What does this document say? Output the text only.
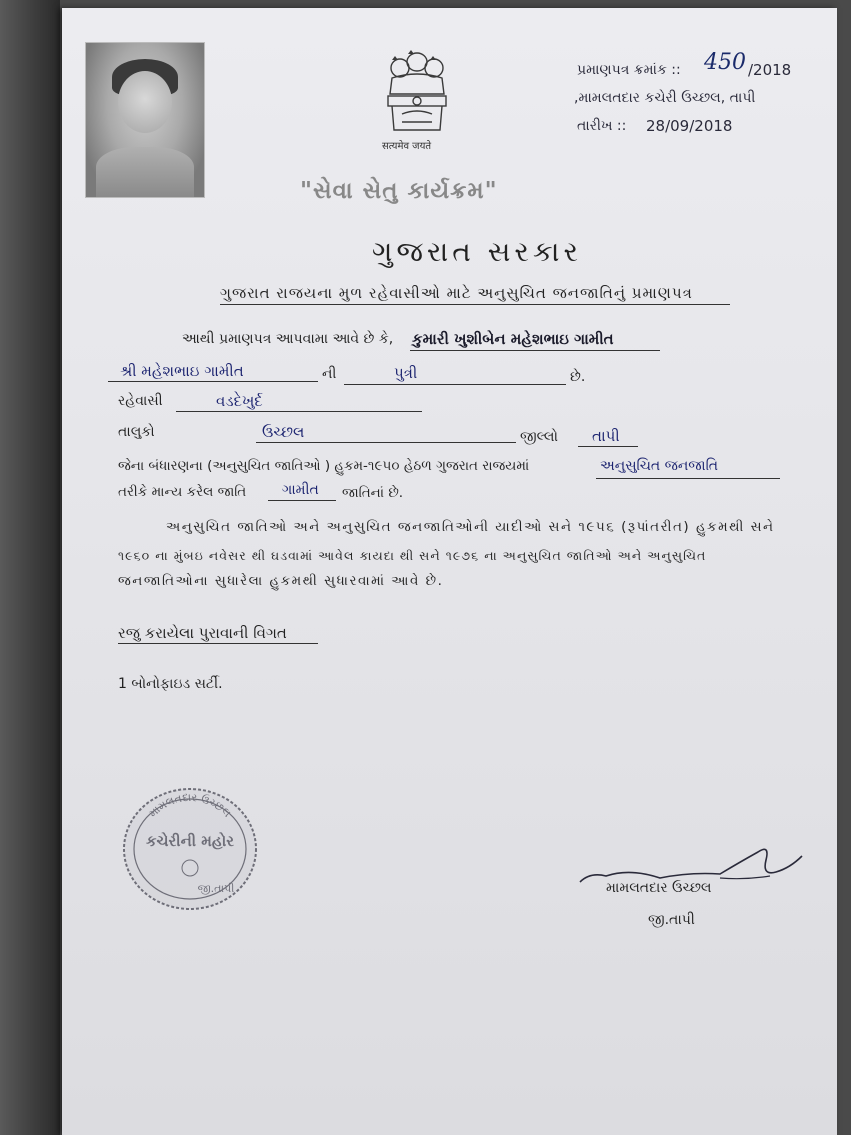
सत्यमेव जयते
પ્રમાણપત્ર ક્રમાંક :: 450 /2018
,મામલતદાર કચેરી ઉચ્છલ, તાપી
તારીખ :: 28/09/2018
"સેવા સેતુ કાર્યક્રમ"
ગુજરાત સરકાર
ગુજરાત રાજયના મુળ રહેવાસીઓ માટે અનુસુચિત જનજાતિનું પ્રમાણપત્ર
આથી પ્રમાણપત્ર આપવામા આવે છે કે, કુમારી ખુશીબેન મહેશભાઇ ગામીત
શ્રી મહેશભાઇ ગામીત	ની	પુત્રી	છે.
રહેવાસી	વડદેખુર્દ
તાલુકો	ઉચ્છલ	જીલ્લો તાપી
જેના બંધારણના (અનુસુચિત જાતિઓ ) હુકમ-૧૯૫૦ હેઠળ ગુજરાત રાજયમાં	અનુસુચિત જનજાતિ
તરીકે માન્ય કરેલ જાતિ	ગામીત જાતિનાં છે.
અનુસુચિત જાતિઓ અને અનુસુચિત જનજાતિઓની યાદીઓ સને ૧૯૫૬ (રૂપાંતરીત) હુકમથી સને
૧૯૬૦ ના મુંબઇ નવેસર થી ઘડવામાં આવેલ કાયદા થી સને ૧૯૭૬ ના અનુસુચિત જાતિઓ અને અનુસુચિત
જનજાતિઓના સુધારેલા હુકમથી સુધારવામાં આવે છે.
રજુ કરાયેલા પુરાવાની વિગત
1 બોનોફાઇડ સર્ટી.
મામલતદાર ઉચ્છલ
કચેરીની મહોર
જી.તાપી	મામલતદાર ઉચ્છલ
જી.તાપી
